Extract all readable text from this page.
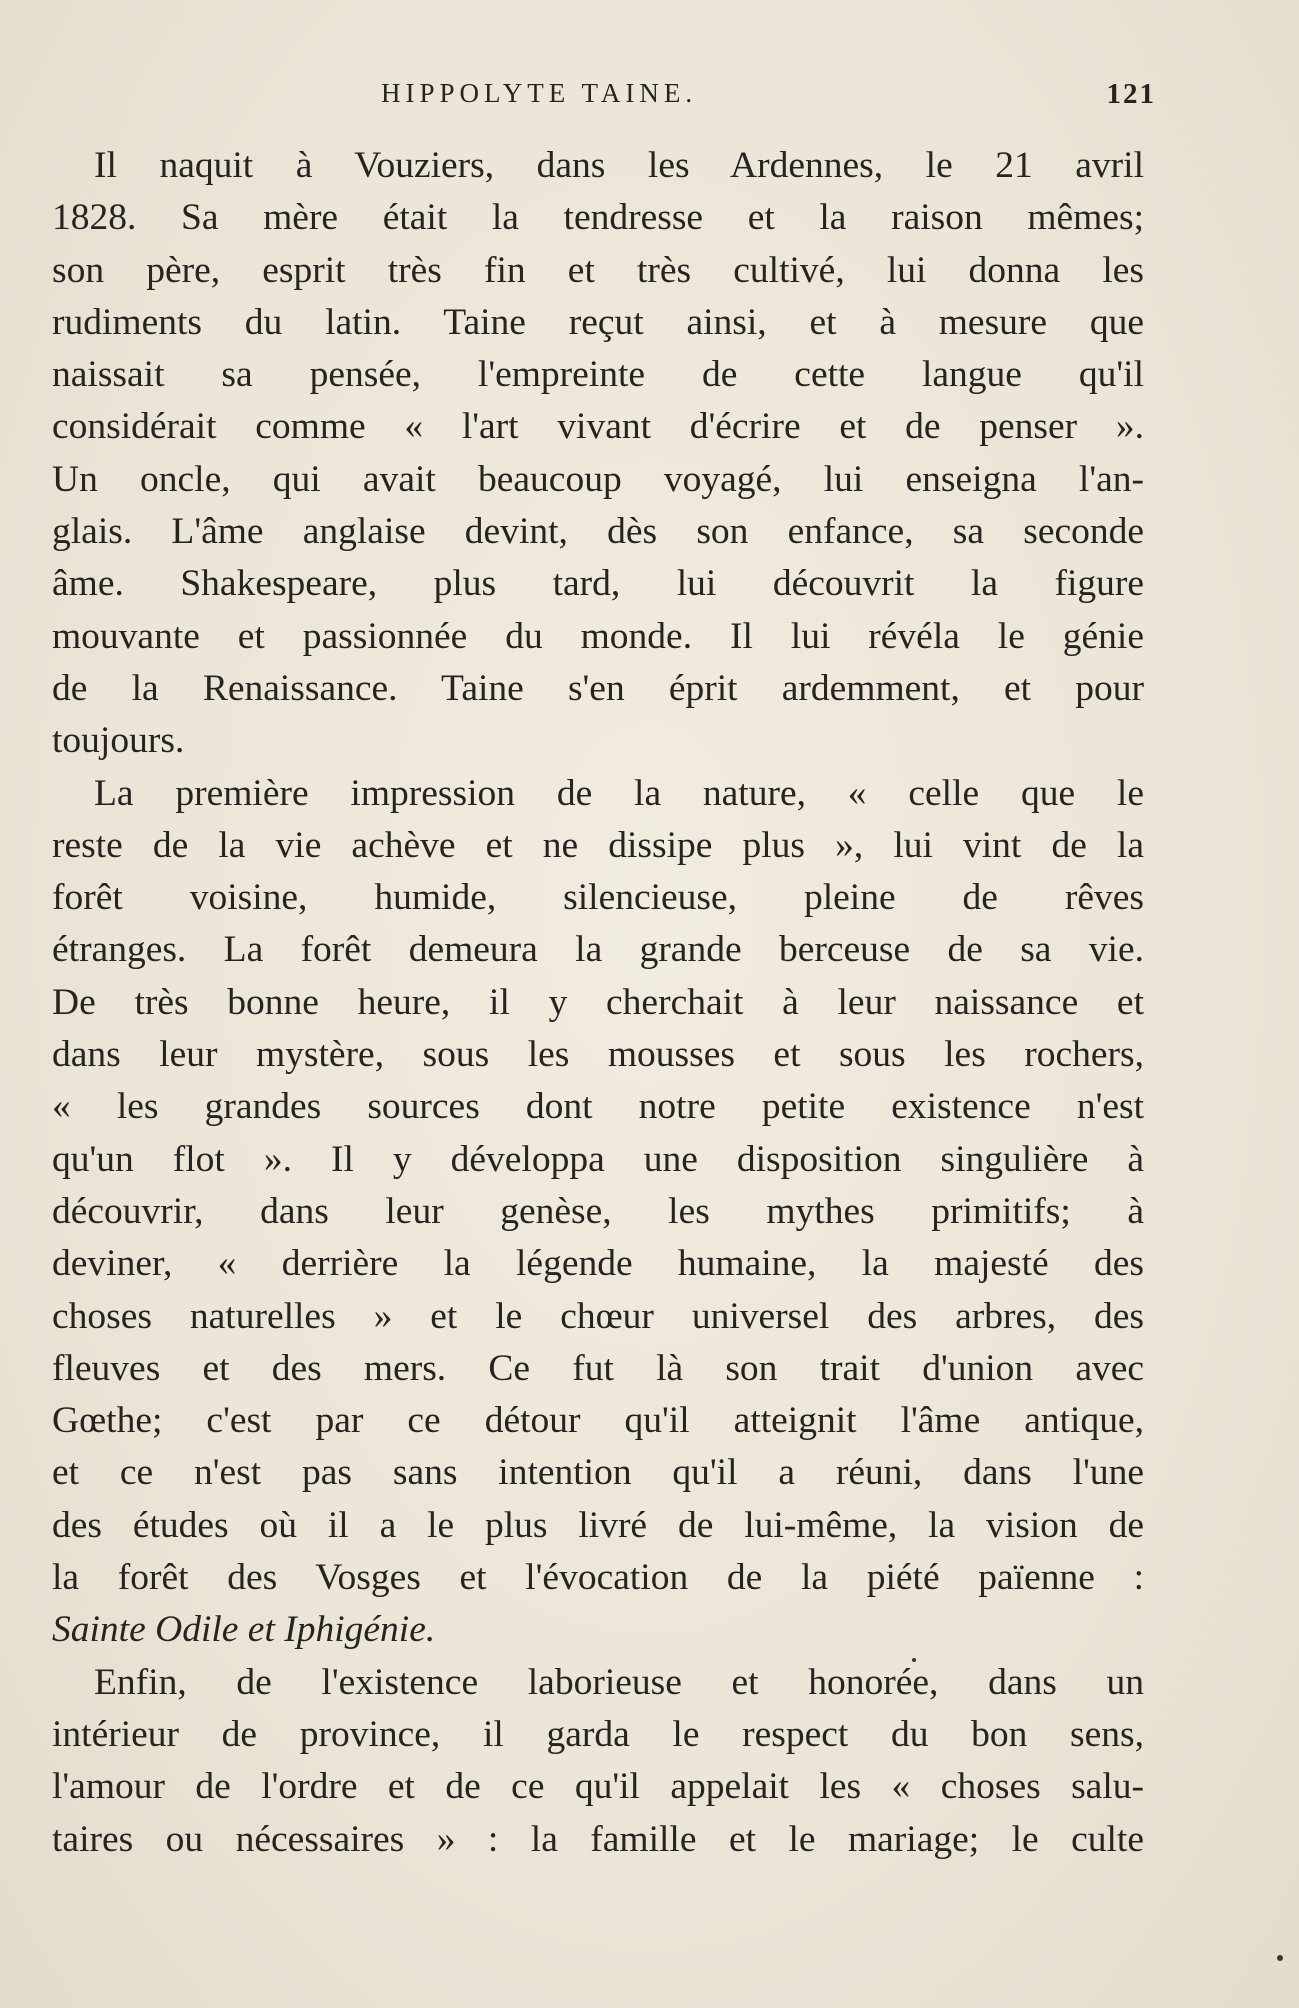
HIPPOLYTE TAINE.	121
Il naquit à Vouziers, dans les Ardennes, le 21 avril
1828. Sa mère était la tendresse et la raison mêmes;
son père, esprit très fin et très cultivé, lui donna les
rudiments du latin. Taine reçut ainsi, et à mesure que
naissait sa pensée, l'empreinte de cette langue qu'il
considérait comme « l'art vivant d'écrire et de penser ».
Un oncle, qui avait beaucoup voyagé, lui enseigna l'an-
glais. L'âme anglaise devint, dès son enfance, sa seconde
âme. Shakespeare, plus tard, lui découvrit la figure
mouvante et passionnée du monde. Il lui révéla le génie
de la Renaissance. Taine s'en éprit ardemment, et pour
toujours.
La première impression de la nature, « celle que le
reste de la vie achève et ne dissipe plus », lui vint de la
forêt voisine, humide, silencieuse, pleine de rêves
étranges. La forêt demeura la grande berceuse de sa vie.
De très bonne heure, il y cherchait à leur naissance et
dans leur mystère, sous les mousses et sous les rochers,
« les grandes sources dont notre petite existence n'est
qu'un flot ». Il y développa une disposition singulière à
découvrir, dans leur genèse, les mythes primitifs; à
deviner, « derrière la légende humaine, la majesté des
choses naturelles » et le chœur universel des arbres, des
fleuves et des mers. Ce fut là son trait d'union avec
Gœthe; c'est par ce détour qu'il atteignit l'âme antique,
et ce n'est pas sans intention qu'il a réuni, dans l'une
des études où il a le plus livré de lui-même, la vision de
la forêt des Vosges et l'évocation de la piété païenne :
Sainte Odile et Iphigénie.
Enfin, de l'existence laborieuse et honorée, dans un
intérieur de province, il garda le respect du bon sens,
l'amour de l'ordre et de ce qu'il appelait les « choses salu-
taires ou nécessaires » : la famille et le mariage; le culte
